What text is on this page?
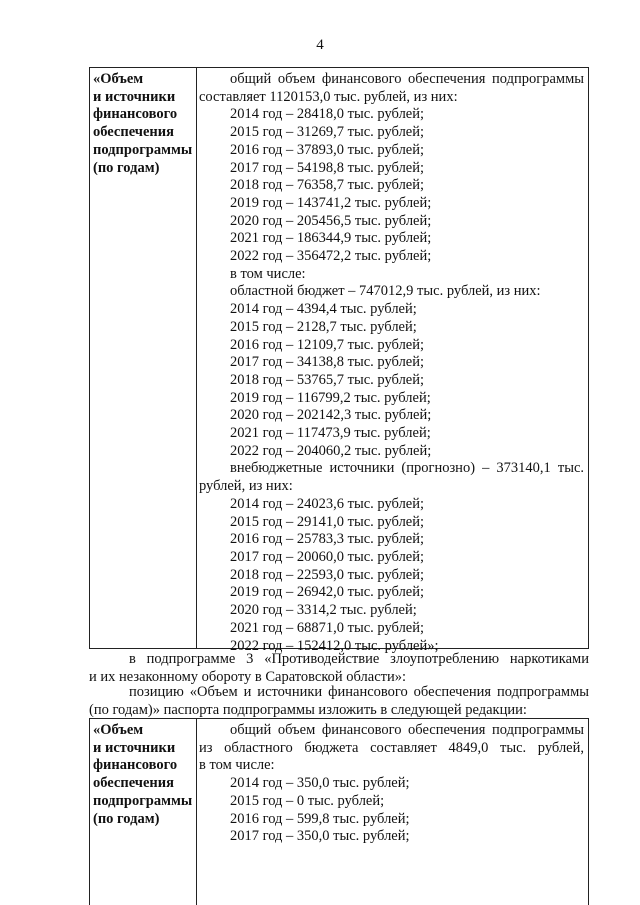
4
«Объем
и источники
финансового
обеспечения
подпрограммы
(по годам)
общий объем финансового обеспечения подпрограммы
составляет 1120153,0 тыс. рублей, из них:
2014 год – 28418,0 тыс. рублей;
2015 год – 31269,7 тыс. рублей;
2016 год – 37893,0 тыс. рублей;
2017 год – 54198,8 тыс. рублей;
2018 год – 76358,7 тыс. рублей;
2019 год – 143741,2 тыс. рублей;
2020 год – 205456,5 тыс. рублей;
2021 год – 186344,9 тыс. рублей;
2022 год – 356472,2 тыс. рублей;
в том числе:
областной бюджет – 747012,9 тыс. рублей, из них:
2014 год – 4394,4 тыс. рублей;
2015 год – 2128,7 тыс. рублей;
2016 год – 12109,7 тыс. рублей;
2017 год – 34138,8 тыс. рублей;
2018 год – 53765,7 тыс. рублей;
2019 год – 116799,2 тыс. рублей;
2020 год – 202142,3 тыс. рублей;
2021 год – 117473,9 тыс. рублей;
2022 год – 204060,2 тыс. рублей;
внебюджетные источники (прогнозно) – 373140,1 тыс.
рублей, из них:
2014 год – 24023,6 тыс. рублей;
2015 год – 29141,0 тыс. рублей;
2016 год – 25783,3 тыс. рублей;
2017 год – 20060,0 тыс. рублей;
2018 год – 22593,0 тыс. рублей;
2019 год – 26942,0 тыс. рублей;
2020 год – 3314,2 тыс. рублей;
2021 год – 68871,0 тыс. рублей;
2022 год – 152412,0 тыс. рублей»;
в подпрограмме 3 «Противодействие злоупотреблению наркотиками
и их незаконному обороту в Саратовской области»:
позицию «Объем и источники финансового обеспечения подпрограммы
(по годам)» паспорта подпрограммы изложить в следующей редакции:
«Объем
и источники
финансового
обеспечения
подпрограммы
(по годам)
общий объем финансового обеспечения подпрограммы
из областного бюджета составляет 4849,0 тыс. рублей,
в том числе:
2014 год – 350,0 тыс. рублей;
2015 год – 0 тыс. рублей;
2016 год – 599,8 тыс. рублей;
2017 год – 350,0 тыс. рублей;
